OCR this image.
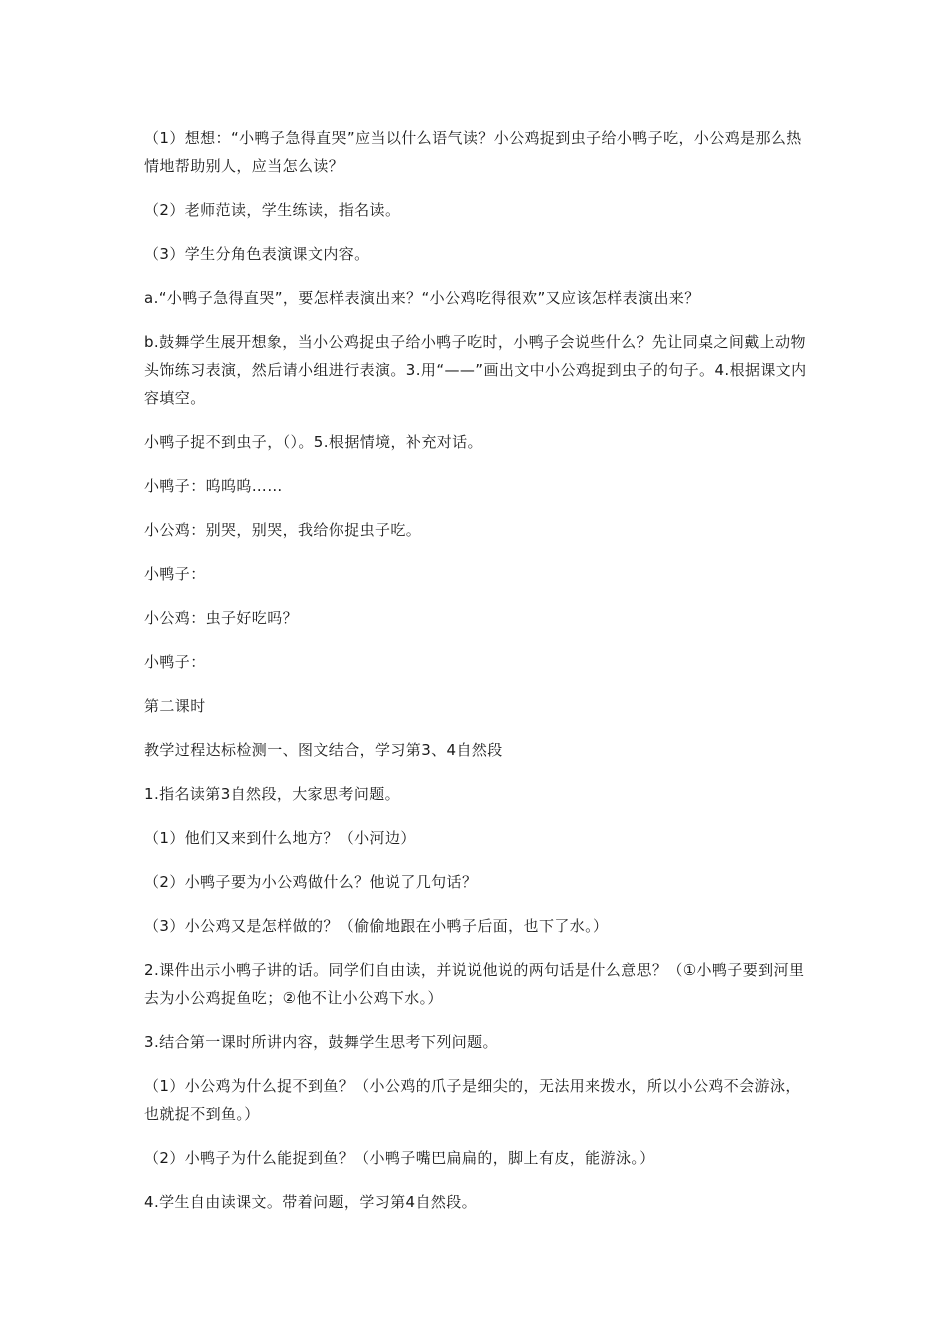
（1）想想：“小鸭子急得直哭”应当以什么语气读？小公鸡捉到虫子给小鸭子吃，小公鸡是那么热情地帮助别人，应当怎么读？

（2）老师范读，学生练读，指名读。

（3）学生分角色表演课文内容。

a.“小鸭子急得直哭”，要怎样表演出来？“小公鸡吃得很欢”又应该怎样表演出来？

b.鼓舞学生展开想象，当小公鸡捉虫子给小鸭子吃时，小鸭子会说些什么？先让同桌之间戴上动物头饰练习表演，然后请小组进行表演。3.用“——”画出文中小公鸡捉到虫子的句子。4.根据课文内容填空。

小鸭子捉不到虫子，（）。5.根据情境，补充对话。

小鸭子：呜呜呜……

小公鸡：别哭，别哭，我给你捉虫子吃。

小鸭子：

小公鸡：虫子好吃吗？

小鸭子：

第二课时

教学过程达标检测一、图文结合，学习第3、4自然段

1.指名读第3自然段，大家思考问题。

（1）他们又来到什么地方？（小河边）

（2）小鸭子要为小公鸡做什么？他说了几句话？

（3）小公鸡又是怎样做的？（偷偷地跟在小鸭子后面，也下了水。）

2.课件出示小鸭子讲的话。同学们自由读，并说说他说的两句话是什么意思？（①小鸭子要到河里去为小公鸡捉鱼吃；②他不让小公鸡下水。）

3.结合第一课时所讲内容，鼓舞学生思考下列问题。

（1）小公鸡为什么捉不到鱼？（小公鸡的爪子是细尖的，无法用来拨水，所以小公鸡不会游泳，也就捉不到鱼。）

（2）小鸭子为什么能捉到鱼？（小鸭子嘴巴扁扁的，脚上有皮，能游泳。）

4.学生自由读课文。带着问题，学习第4自然段。
